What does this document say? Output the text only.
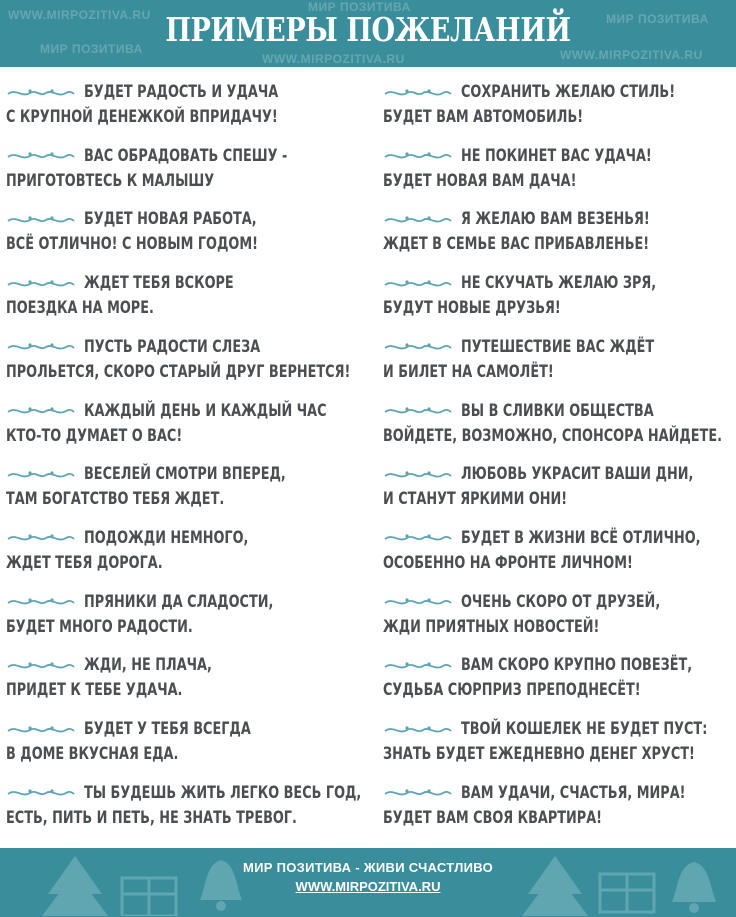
WWW.MIRPOZITIVA.RU
МИР ПОЗИТИВА
МИР ПОЗИТИВА
WWW.MIRPOZITIVA.RU
МИР ПОЗИТИВА
WWW.MIRPOZITIVA.RU
ПРИМЕРЫ ПОЖЕЛАНИЙ
БУДЕТ РАДОСТЬ И УДАЧА
С КРУПНОЙ ДЕНЕЖКОЙ ВПРИДАЧУ!
ВАС ОБРАДОВАТЬ СПЕШУ -
ПРИГОТОВТЕСЬ К МАЛЫШУ
БУДЕТ НОВАЯ РАБОТА,
ВСЁ ОТЛИЧНО! С НОВЫМ ГОДОМ!
ЖДЕТ ТЕБЯ ВСКОРЕ
ПОЕЗДКА НА МОРЕ.
ПУСТЬ РАДОСТИ СЛЕЗА
ПРОЛЬЕТСЯ, СКОРО СТАРЫЙ ДРУГ ВЕРНЕТСЯ!
КАЖДЫЙ ДЕНЬ И КАЖДЫЙ ЧАС
КТО-ТО ДУМАЕТ О ВАС!
ВЕСЕЛЕЙ СМОТРИ ВПЕРЕД,
ТАМ БОГАТСТВО ТЕБЯ ЖДЕТ.
ПОДОЖДИ НЕМНОГО,
ЖДЕТ ТЕБЯ ДОРОГА.
ПРЯНИКИ ДА СЛАДОСТИ,
БУДЕТ МНОГО РАДОСТИ.
ЖДИ, НЕ ПЛАЧА,
ПРИДЕТ К ТЕБЕ УДАЧА.
БУДЕТ У ТЕБЯ ВСЕГДА
В ДОМЕ ВКУСНАЯ ЕДА.
ТЫ БУДЕШЬ ЖИТЬ ЛЕГКО ВЕСЬ ГОД,
ЕСТЬ, ПИТЬ И ПЕТЬ, НЕ ЗНАТЬ ТРЕВОГ.
СОХРАНИТЬ ЖЕЛАЮ СТИЛЬ!
БУДЕТ ВАМ АВТОМОБИЛЬ!
НЕ ПОКИНЕТ ВАС УДАЧА!
БУДЕТ НОВАЯ ВАМ ДАЧА!
Я ЖЕЛАЮ ВАМ ВЕЗЕНЬЯ!
ЖДЕТ В СЕМЬЕ ВАС ПРИБАВЛЕНЬЕ!
НЕ СКУЧАТЬ ЖЕЛАЮ ЗРЯ,
БУДУТ НОВЫЕ ДРУЗЬЯ!
ПУТЕШЕСТВИЕ ВАС ЖДЁТ
И БИЛЕТ НА САМОЛЁТ!
ВЫ В СЛИВКИ ОБЩЕСТВА
ВОЙДЕТЕ, ВОЗМОЖНО, СПОНСОРА НАЙДЕТЕ.
ЛЮБОВЬ УКРАСИТ ВАШИ ДНИ,
И СТАНУТ ЯРКИМИ ОНИ!
БУДЕТ В ЖИЗНИ ВСЁ ОТЛИЧНО,
ОСОБЕННО НА ФРОНТЕ ЛИЧНОМ!
ОЧЕНЬ СКОРО ОТ ДРУЗЕЙ,
ЖДИ ПРИЯТНЫХ НОВОСТЕЙ!
ВАМ СКОРО КРУПНО ПОВЕЗЁТ,
СУДЬБА СЮРПРИЗ ПРЕПОДНЕСЁТ!
ТВОЙ КОШЕЛЕК НЕ БУДЕТ ПУСТ:
ЗНАТЬ БУДЕТ ЕЖЕДНЕВНО ДЕНЕГ ХРУСТ!
ВАМ УДАЧИ, СЧАСТЬЯ, МИРА!
БУДЕТ ВАМ СВОЯ КВАРТИРА!
МИР ПОЗИТИВА - ЖИВИ СЧАСТЛИВО
WWW.MIRPOZITIVA.RU
